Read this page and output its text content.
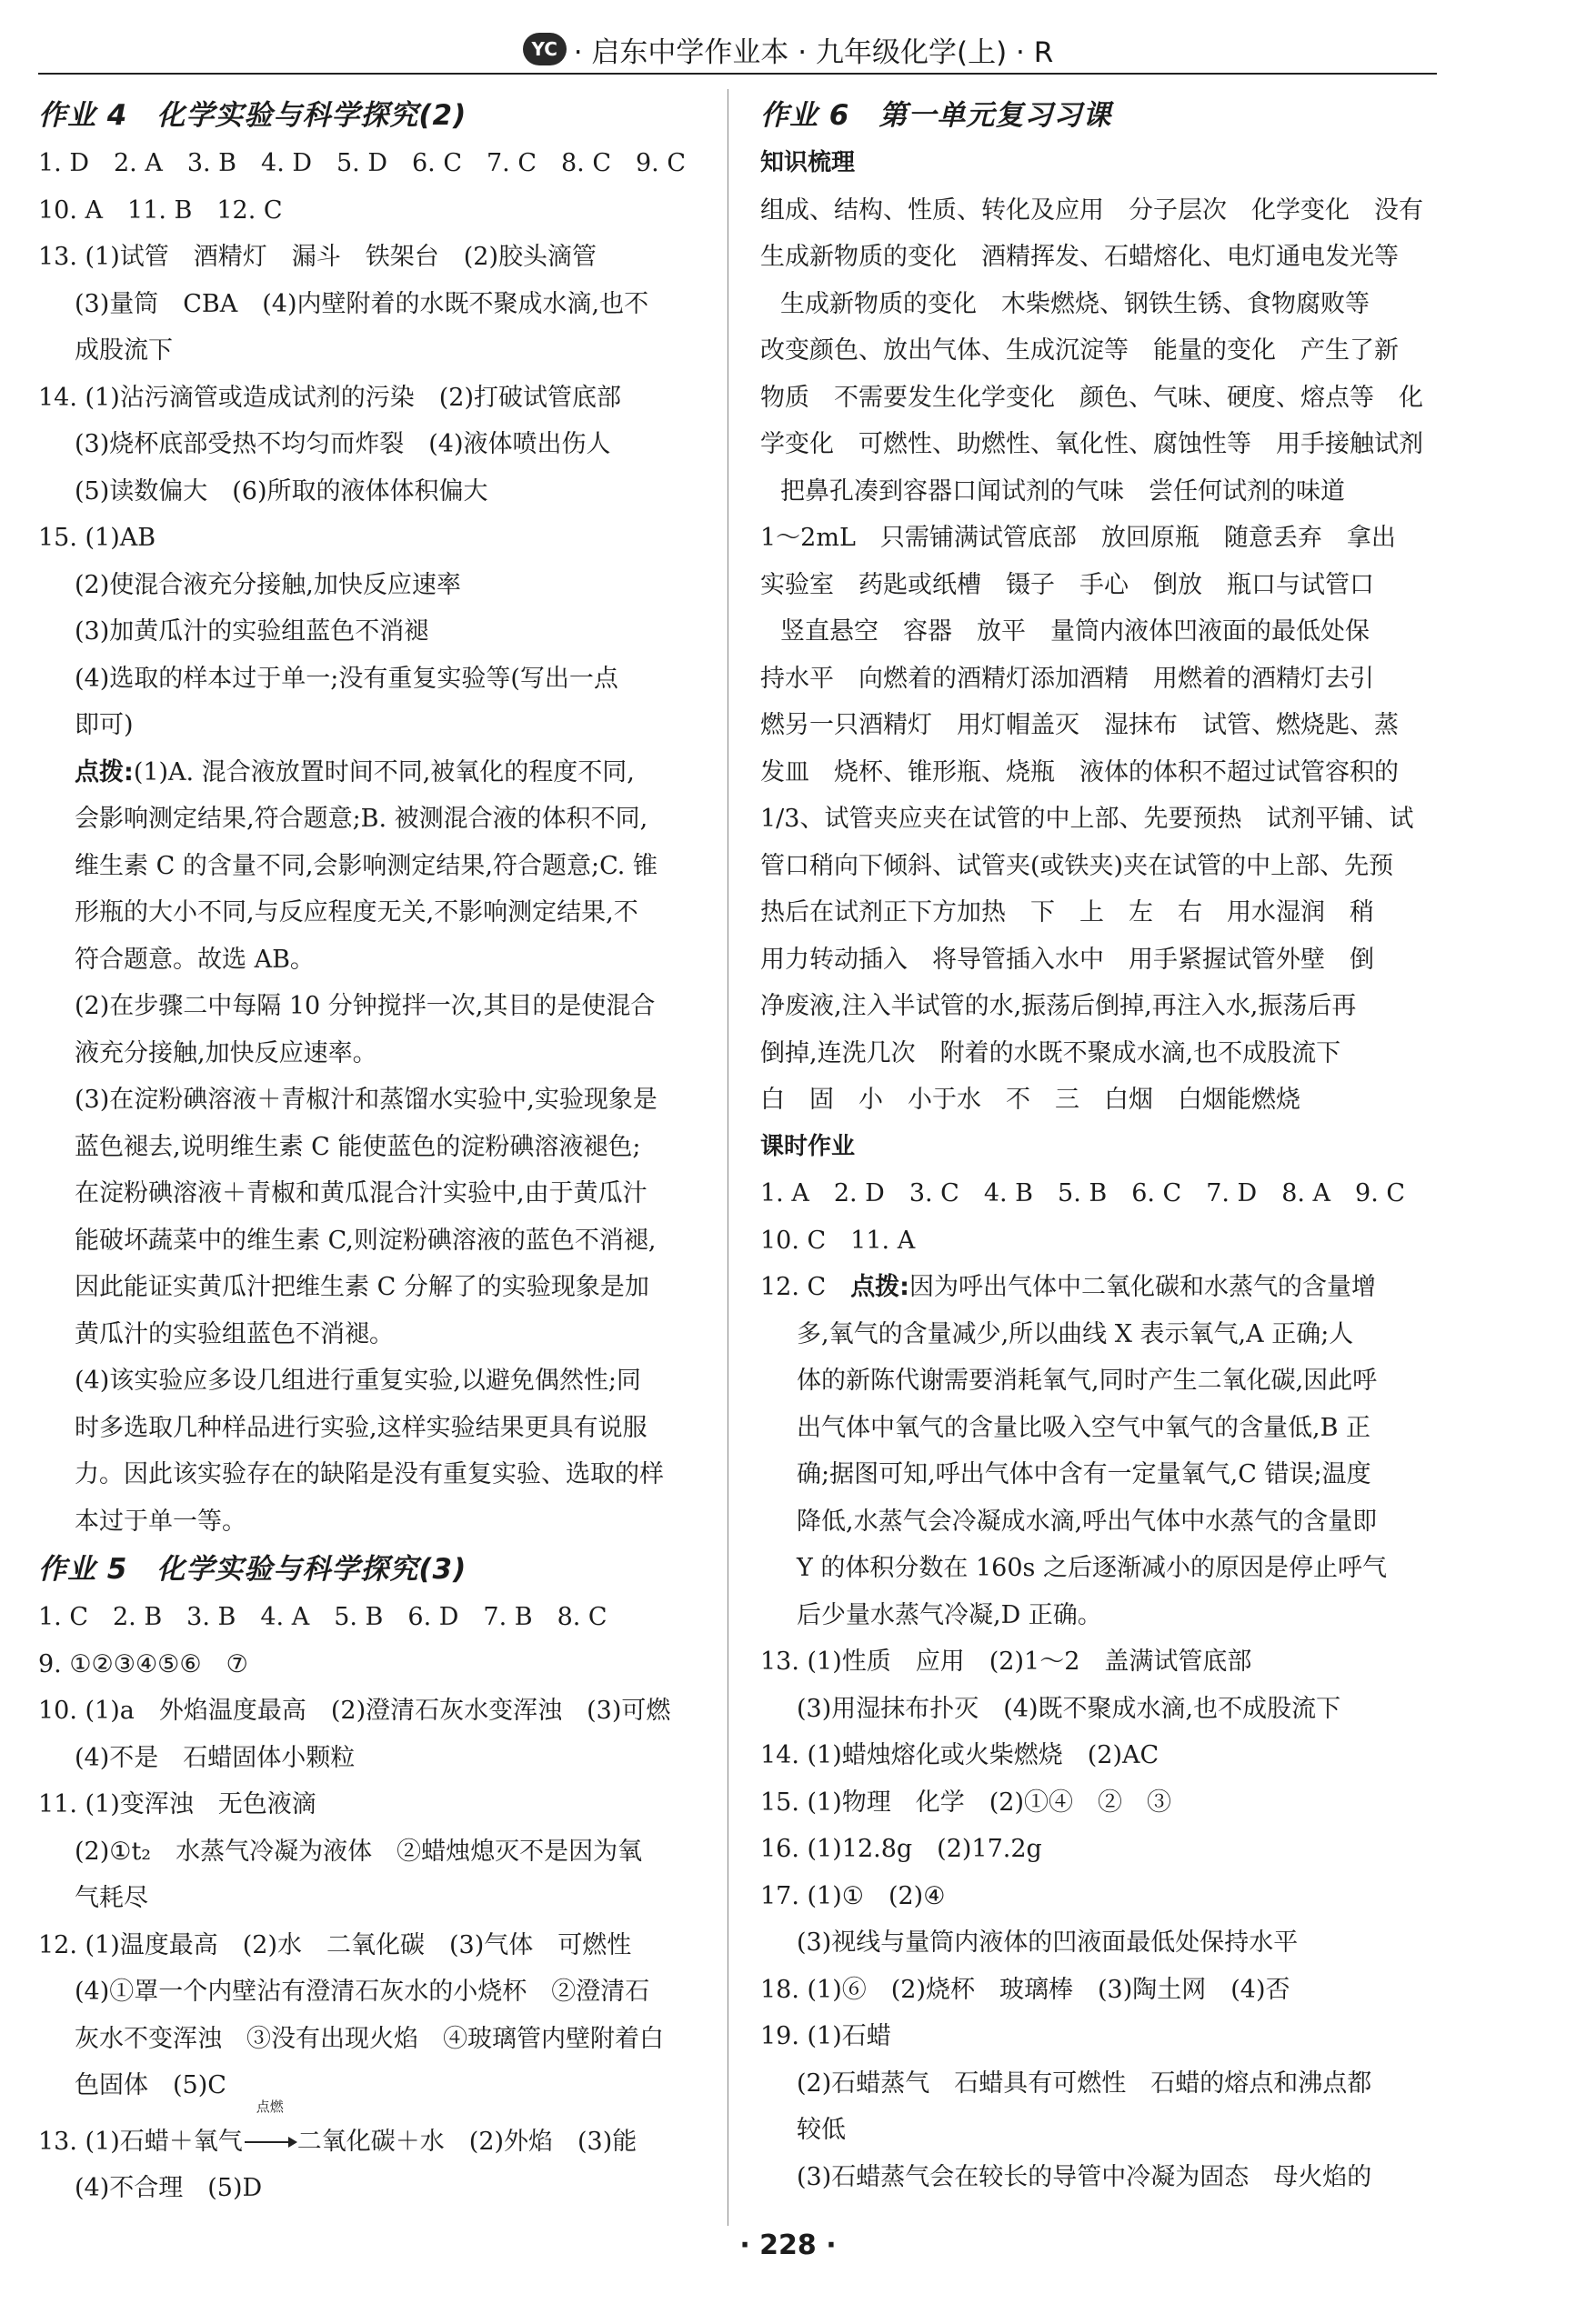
YC · 启东中学作业本 · 九年级化学(上) · R
作业 4　化学实验与科学探究(2)
1. D　2. A　3. B　4. D　5. D　6. C　7. C　8. C　9. C
10. A　11. B　12. C
13. (1)试管　酒精灯　漏斗　铁架台　(2)胶头滴管
(3)量筒　CBA　(4)内壁附着的水既不聚成水滴,也不
成股流下
14. (1)沾污滴管或造成试剂的污染　(2)打破试管底部
(3)烧杯底部受热不均匀而炸裂　(4)液体喷出伤人
(5)读数偏大　(6)所取的液体体积偏大
15. (1)AB
(2)使混合液充分接触,加快反应速率
(3)加黄瓜汁的实验组蓝色不消褪
(4)选取的样本过于单一;没有重复实验等(写出一点
即可)
点拨:(1)A. 混合液放置时间不同,被氧化的程度不同,
会影响测定结果,符合题意;B. 被测混合液的体积不同,
维生素 C 的含量不同,会影响测定结果,符合题意;C. 锥
形瓶的大小不同,与反应程度无关,不影响测定结果,不
符合题意。故选 AB。
(2)在步骤二中每隔 10 分钟搅拌一次,其目的是使混合
液充分接触,加快反应速率。
(3)在淀粉碘溶液＋青椒汁和蒸馏水实验中,实验现象是
蓝色褪去,说明维生素 C 能使蓝色的淀粉碘溶液褪色;
在淀粉碘溶液＋青椒和黄瓜混合汁实验中,由于黄瓜汁
能破坏蔬菜中的维生素 C,则淀粉碘溶液的蓝色不消褪,
因此能证实黄瓜汁把维生素 C 分解了的实验现象是加
黄瓜汁的实验组蓝色不消褪。
(4)该实验应多设几组进行重复实验,以避免偶然性;同
时多选取几种样品进行实验,这样实验结果更具有说服
力。因此该实验存在的缺陷是没有重复实验、选取的样
本过于单一等。
作业 5　化学实验与科学探究(3)
1. C　2. B　3. B　4. A　5. B　6. D　7. B　8. C
9. ①②③④⑤⑥　⑦
10. (1)a　外焰温度最高　(2)澄清石灰水变浑浊　(3)可燃
(4)不是　石蜡固体小颗粒
11. (1)变浑浊　无色液滴
(2)①t₂　水蒸气冷凝为液体　②蜡烛熄灭不是因为氧
气耗尽
12. (1)温度最高　(2)水　二氧化碳　(3)气体　可燃性
(4)①罩一个内壁沾有澄清石灰水的小烧杯　②澄清石
灰水不变浑浊　③没有出现火焰　④玻璃管内壁附着白
色固体　(5)C
13. (1)石蜡＋氧气
点燃
二氧化碳＋水　(2)外焰　(3)能
(4)不合理　(5)D
作业 6　第一单元复习习课
知识梳理
组成、结构、性质、转化及应用　分子层次　化学变化　没有
生成新物质的变化　酒精挥发、石蜡熔化、电灯通电发光等
生成新物质的变化　木柴燃烧、钢铁生锈、食物腐败等
改变颜色、放出气体、生成沉淀等　能量的变化　产生了新
物质　不需要发生化学变化　颜色、气味、硬度、熔点等　化
学变化　可燃性、助燃性、氧化性、腐蚀性等　用手接触试剂
把鼻孔凑到容器口闻试剂的气味　尝任何试剂的味道
1～2mL　只需铺满试管底部　放回原瓶　随意丢弃　拿出
实验室　药匙或纸槽　镊子　手心　倒放　瓶口与试管口
竖直悬空　容器　放平　量筒内液体凹液面的最低处保
持水平　向燃着的酒精灯添加酒精　用燃着的酒精灯去引
燃另一只酒精灯　用灯帽盖灭　湿抹布　试管、燃烧匙、蒸
发皿　烧杯、锥形瓶、烧瓶　液体的体积不超过试管容积的
1/3、试管夹应夹在试管的中上部、先要预热　试剂平铺、试
管口稍向下倾斜、试管夹(或铁夹)夹在试管的中上部、先预
热后在试剂正下方加热　下　上　左　右　用水湿润　稍
用力转动插入　将导管插入水中　用手紧握试管外壁　倒
净废液,注入半试管的水,振荡后倒掉,再注入水,振荡后再
倒掉,连洗几次　附着的水既不聚成水滴,也不成股流下
白　固　小　小于水　不　三　白烟　白烟能燃烧
课时作业
1. A　2. D　3. C　4. B　5. B　6. C　7. D　8. A　9. C
10. C　11. A
12. C　点拨:因为呼出气体中二氧化碳和水蒸气的含量增
多,氧气的含量减少,所以曲线 X 表示氧气,A 正确;人
体的新陈代谢需要消耗氧气,同时产生二氧化碳,因此呼
出气体中氧气的含量比吸入空气中氧气的含量低,B 正
确;据图可知,呼出气体中含有一定量氧气,C 错误;温度
降低,水蒸气会冷凝成水滴,呼出气体中水蒸气的含量即
Y 的体积分数在 160s 之后逐渐减小的原因是停止呼气
后少量水蒸气冷凝,D 正确。
13. (1)性质　应用　(2)1～2　盖满试管底部
(3)用湿抹布扑灭　(4)既不聚成水滴,也不成股流下
14. (1)蜡烛熔化或火柴燃烧　(2)AC
15. (1)物理　化学　(2)①④　②　③
16. (1)12.8g　(2)17.2g
17. (1)①　(2)④
(3)视线与量筒内液体的凹液面最低处保持水平
18. (1)⑥　(2)烧杯　玻璃棒　(3)陶土网　(4)否
19. (1)石蜡
(2)石蜡蒸气　石蜡具有可燃性　石蜡的熔点和沸点都
较低
(3)石蜡蒸气会在较长的导管中冷凝为固态　母火焰的
· 228 ·
